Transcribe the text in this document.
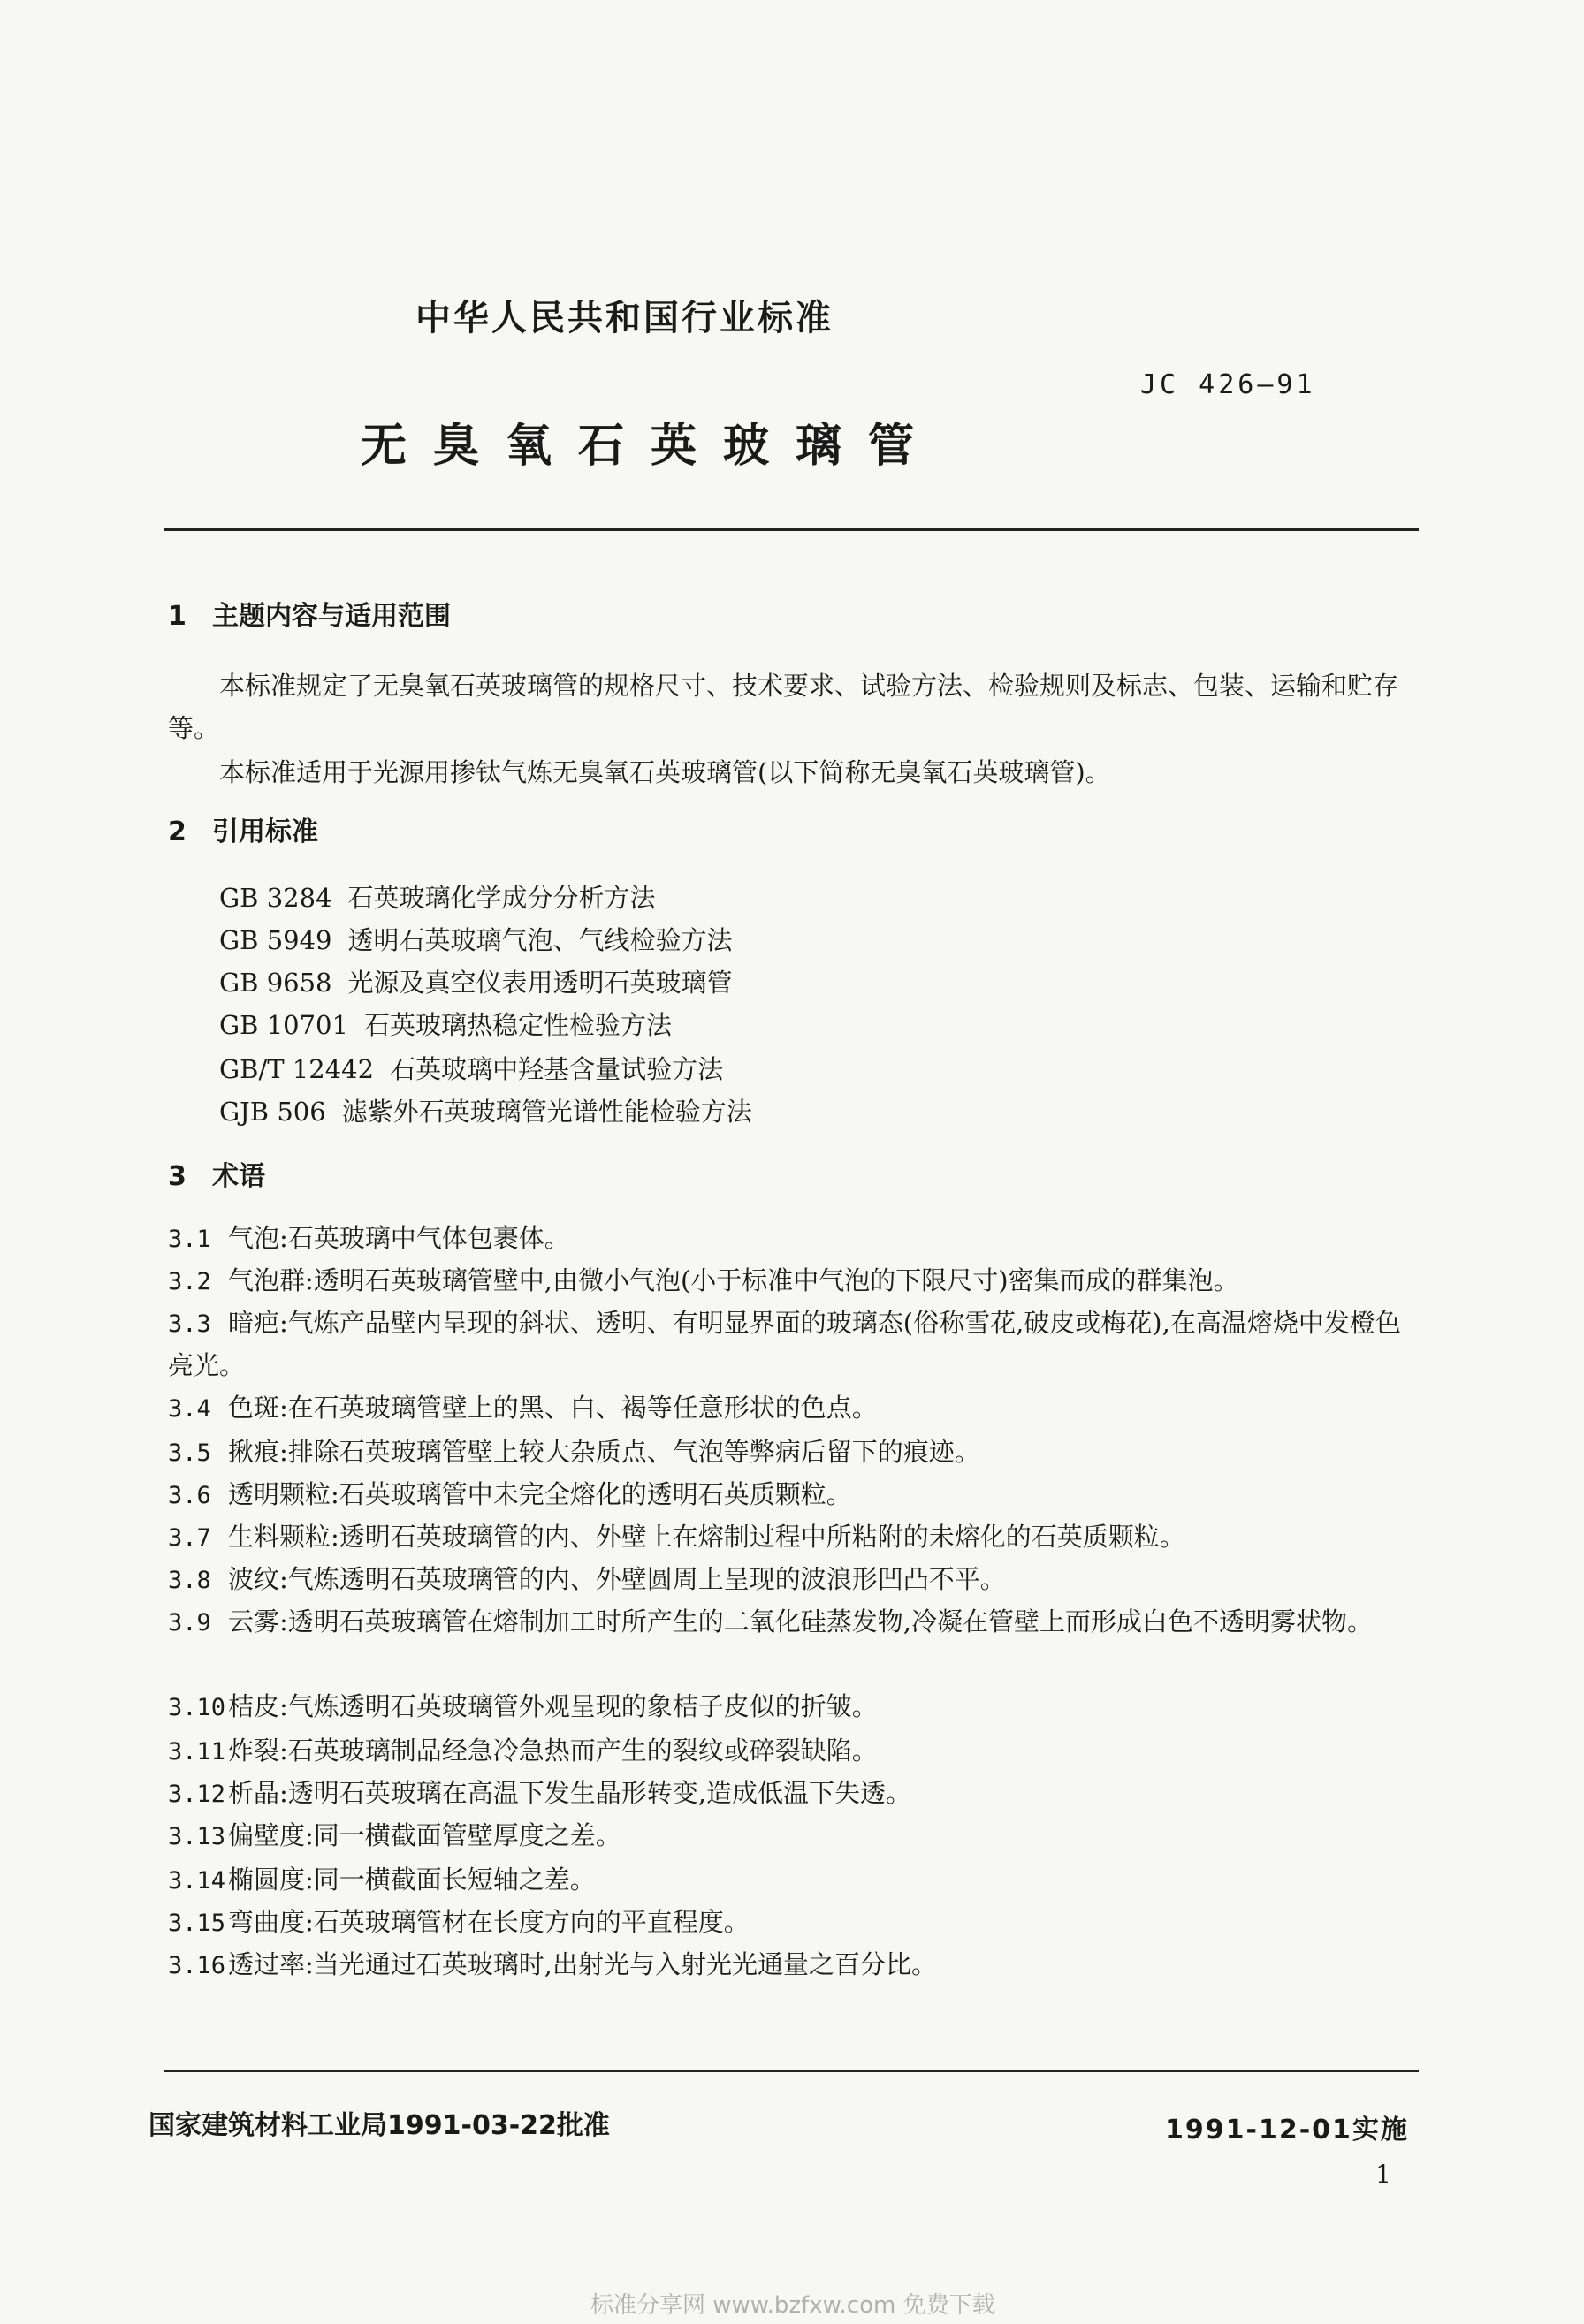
中华人民共和国行业标准
JC 426—91
无臭氧石英玻璃管
1 主题内容与适用范围
本标准规定了无臭氧石英玻璃管的规格尺寸、技术要求、试验方法、检验规则及标志、包装、运输和贮存等。
本标准适用于光源用掺钛气炼无臭氧石英玻璃管(以下简称无臭氧石英玻璃管)。
2 引用标准
GB 3284 石英玻璃化学成分分析方法
GB 5949 透明石英玻璃气泡、气线检验方法
GB 9658 光源及真空仪表用透明石英玻璃管
GB 10701 石英玻璃热稳定性检验方法
GB/T 12442 石英玻璃中羟基含量试验方法
GJB 506 滤紫外石英玻璃管光谱性能检验方法
3 术语
3.1 气泡:石英玻璃中气体包裹体。
3.2 气泡群:透明石英玻璃管壁中,由微小气泡(小于标准中气泡的下限尺寸)密集而成的群集泡。
3.3 暗疤:气炼产品壁内呈现的斜状、透明、有明显界面的玻璃态(俗称雪花,破皮或梅花),在高温熔烧中发橙色亮光。
3.4 色斑:在石英玻璃管壁上的黑、白、褐等任意形状的色点。
3.5 揪痕:排除石英玻璃管壁上较大杂质点、气泡等弊病后留下的痕迹。
3.6 透明颗粒:石英玻璃管中未完全熔化的透明石英质颗粒。
3.7 生料颗粒:透明石英玻璃管的内、外壁上在熔制过程中所粘附的未熔化的石英质颗粒。
3.8 波纹:气炼透明石英玻璃管的内、外壁圆周上呈现的波浪形凹凸不平。
3.9 云雾:透明石英玻璃管在熔制加工时所产生的二氧化硅蒸发物,冷凝在管壁上而形成白色不透明雾状物。
3.10 桔皮:气炼透明石英玻璃管外观呈现的象桔子皮似的折皱。
3.11 炸裂:石英玻璃制品经急冷急热而产生的裂纹或碎裂缺陷。
3.12 析晶:透明石英玻璃在高温下发生晶形转变,造成低温下失透。
3.13 偏壁度:同一横截面管壁厚度之差。
3.14 椭圆度:同一横截面长短轴之差。
3.15 弯曲度:石英玻璃管材在长度方向的平直程度。
3.16 透过率:当光通过石英玻璃时,出射光与入射光光通量之百分比。
国家建筑材料工业局1991-03-22批准	1991-12-01实施
1
标准分享网 www.bzfxw.com 免费下载
